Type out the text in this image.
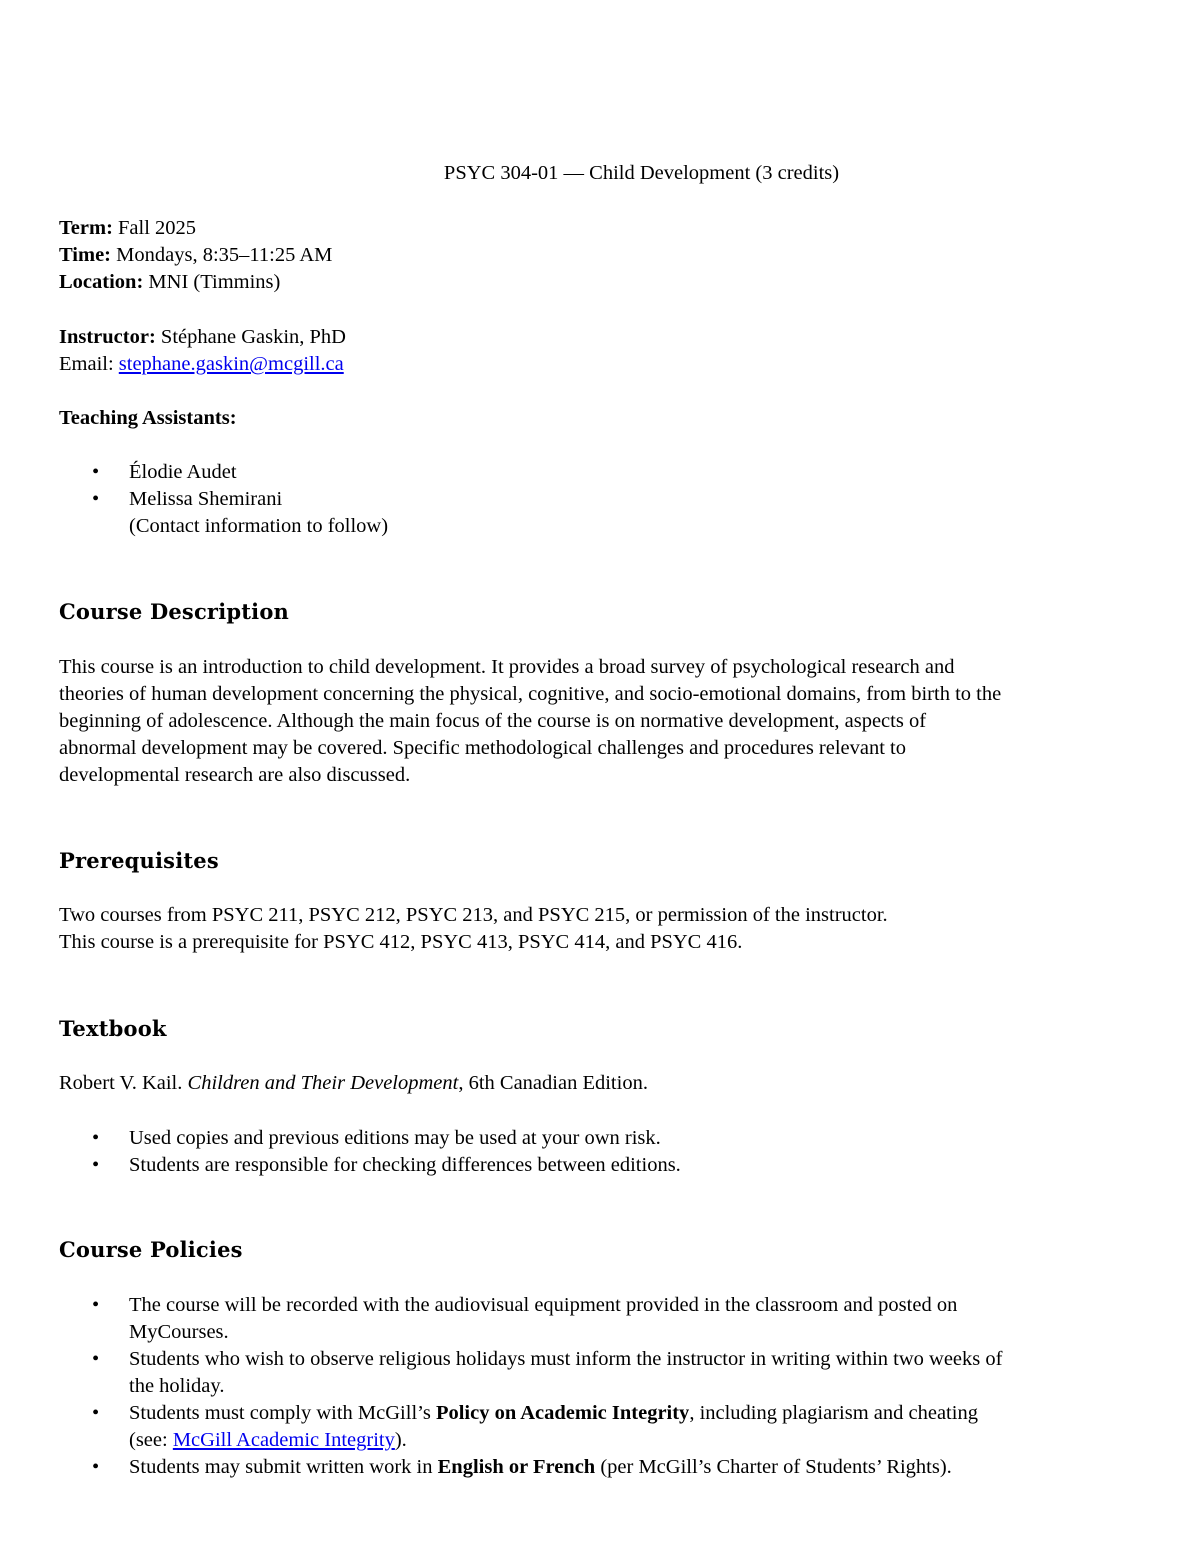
PSYC 304-01 — Child Development (3 credits)
Term: Fall 2025
Time: Mondays, 8:35–11:25 AM
Location: MNI (Timmins)
Instructor: Stéphane Gaskin, PhD
Email: stephane.gaskin@mcgill.ca
Teaching Assistants:
• Élodie Audet
• Melissa Shemirani
(Contact information to follow)
Course Description
This course is an introduction to child development. It provides a broad survey of psychological research and
theories of human development concerning the physical, cognitive, and socio-emotional domains, from birth to the
beginning of adolescence. Although the main focus of the course is on normative development, aspects of
abnormal development may be covered. Specific methodological challenges and procedures relevant to
developmental research are also discussed.
Prerequisites
Two courses from PSYC 211, PSYC 212, PSYC 213, and PSYC 215, or permission of the instructor.
This course is a prerequisite for PSYC 412, PSYC 413, PSYC 414, and PSYC 416.
Textbook
Robert V. Kail. Children and Their Development, 6th Canadian Edition.
• Used copies and previous editions may be used at your own risk.
• Students are responsible for checking differences between editions.
Course Policies
• The course will be recorded with the audiovisual equipment provided in the classroom and posted on
MyCourses.
• Students who wish to observe religious holidays must inform the instructor in writing within two weeks of
the holiday.
• Students must comply with McGill’s Policy on Academic Integrity, including plagiarism and cheating
(see: McGill Academic Integrity).
• Students may submit written work in English or French (per McGill’s Charter of Students’ Rights).
